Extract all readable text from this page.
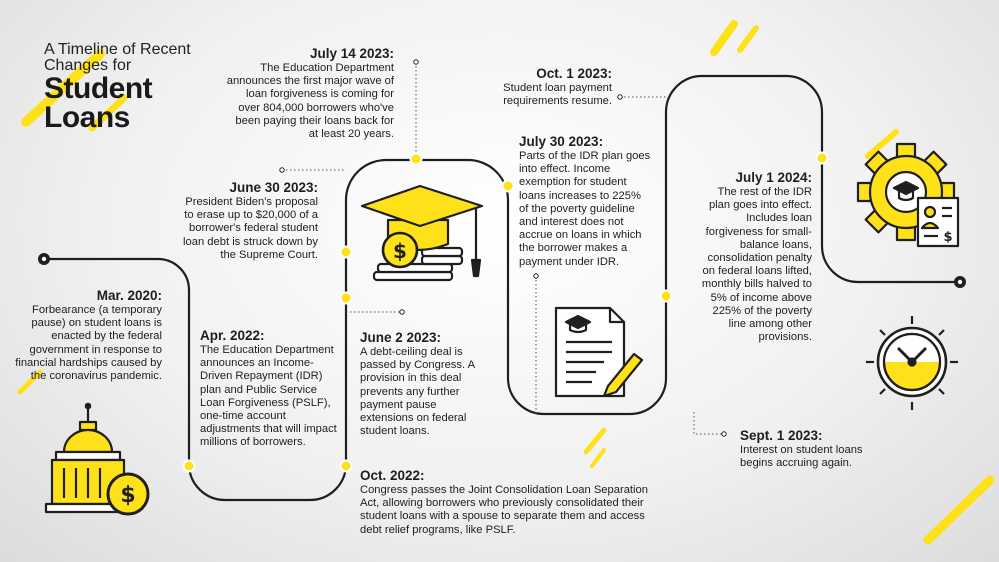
$
$
$
A Timeline of Recent Changes for
Student Loans
Mar. 2020:
Forbearance (a temporary pause) on student loans is enacted by the federal government in response to financial hardships caused by the coronavirus pandemic.
Apr. 2022:
The Education Department announces an Income-Driven Repayment (IDR) plan and Public Service Loan Forgiveness (PSLF), one-time account adjustments that will impact millions of borrowers.
Oct. 2022:
Congress passes the Joint Consolidation Loan Separation Act, allowing borrowers who previously consolidated their student loans with a spouse to separate them and access debt relief programs, like PSLF.
June 2 2023:
A debt-ceiling deal is passed by Congress. A provision in this deal prevents any further payment pause extensions on federal student loans.
June 30 2023:
President Biden's proposal to erase up to $20,000 of a borrower's federal student loan debt is struck down by the Supreme Court.
July 14 2023:
The Education Department announces the first major wave of loan forgiveness is coming for over 804,000 borrowers who've been paying their loans back for at least 20 years.	July 30 2023:
Parts of the IDR plan goes into effect. Income exemption for student loans increases to 225% of the poverty guideline and interest does not accrue on loans in which the borrower makes a payment under IDR.
Oct. 1 2023:
Student loan payment requirements resume.
Sept. 1 2023:
Interest on student loans begins accruing again.
July 1 2024:
The rest of the IDR plan goes into effect. Includes loan forgiveness for small-balance loans, consolidation penalty on federal loans lifted, monthly bills halved to 5% of income above 225% of the poverty line among other provisions.
